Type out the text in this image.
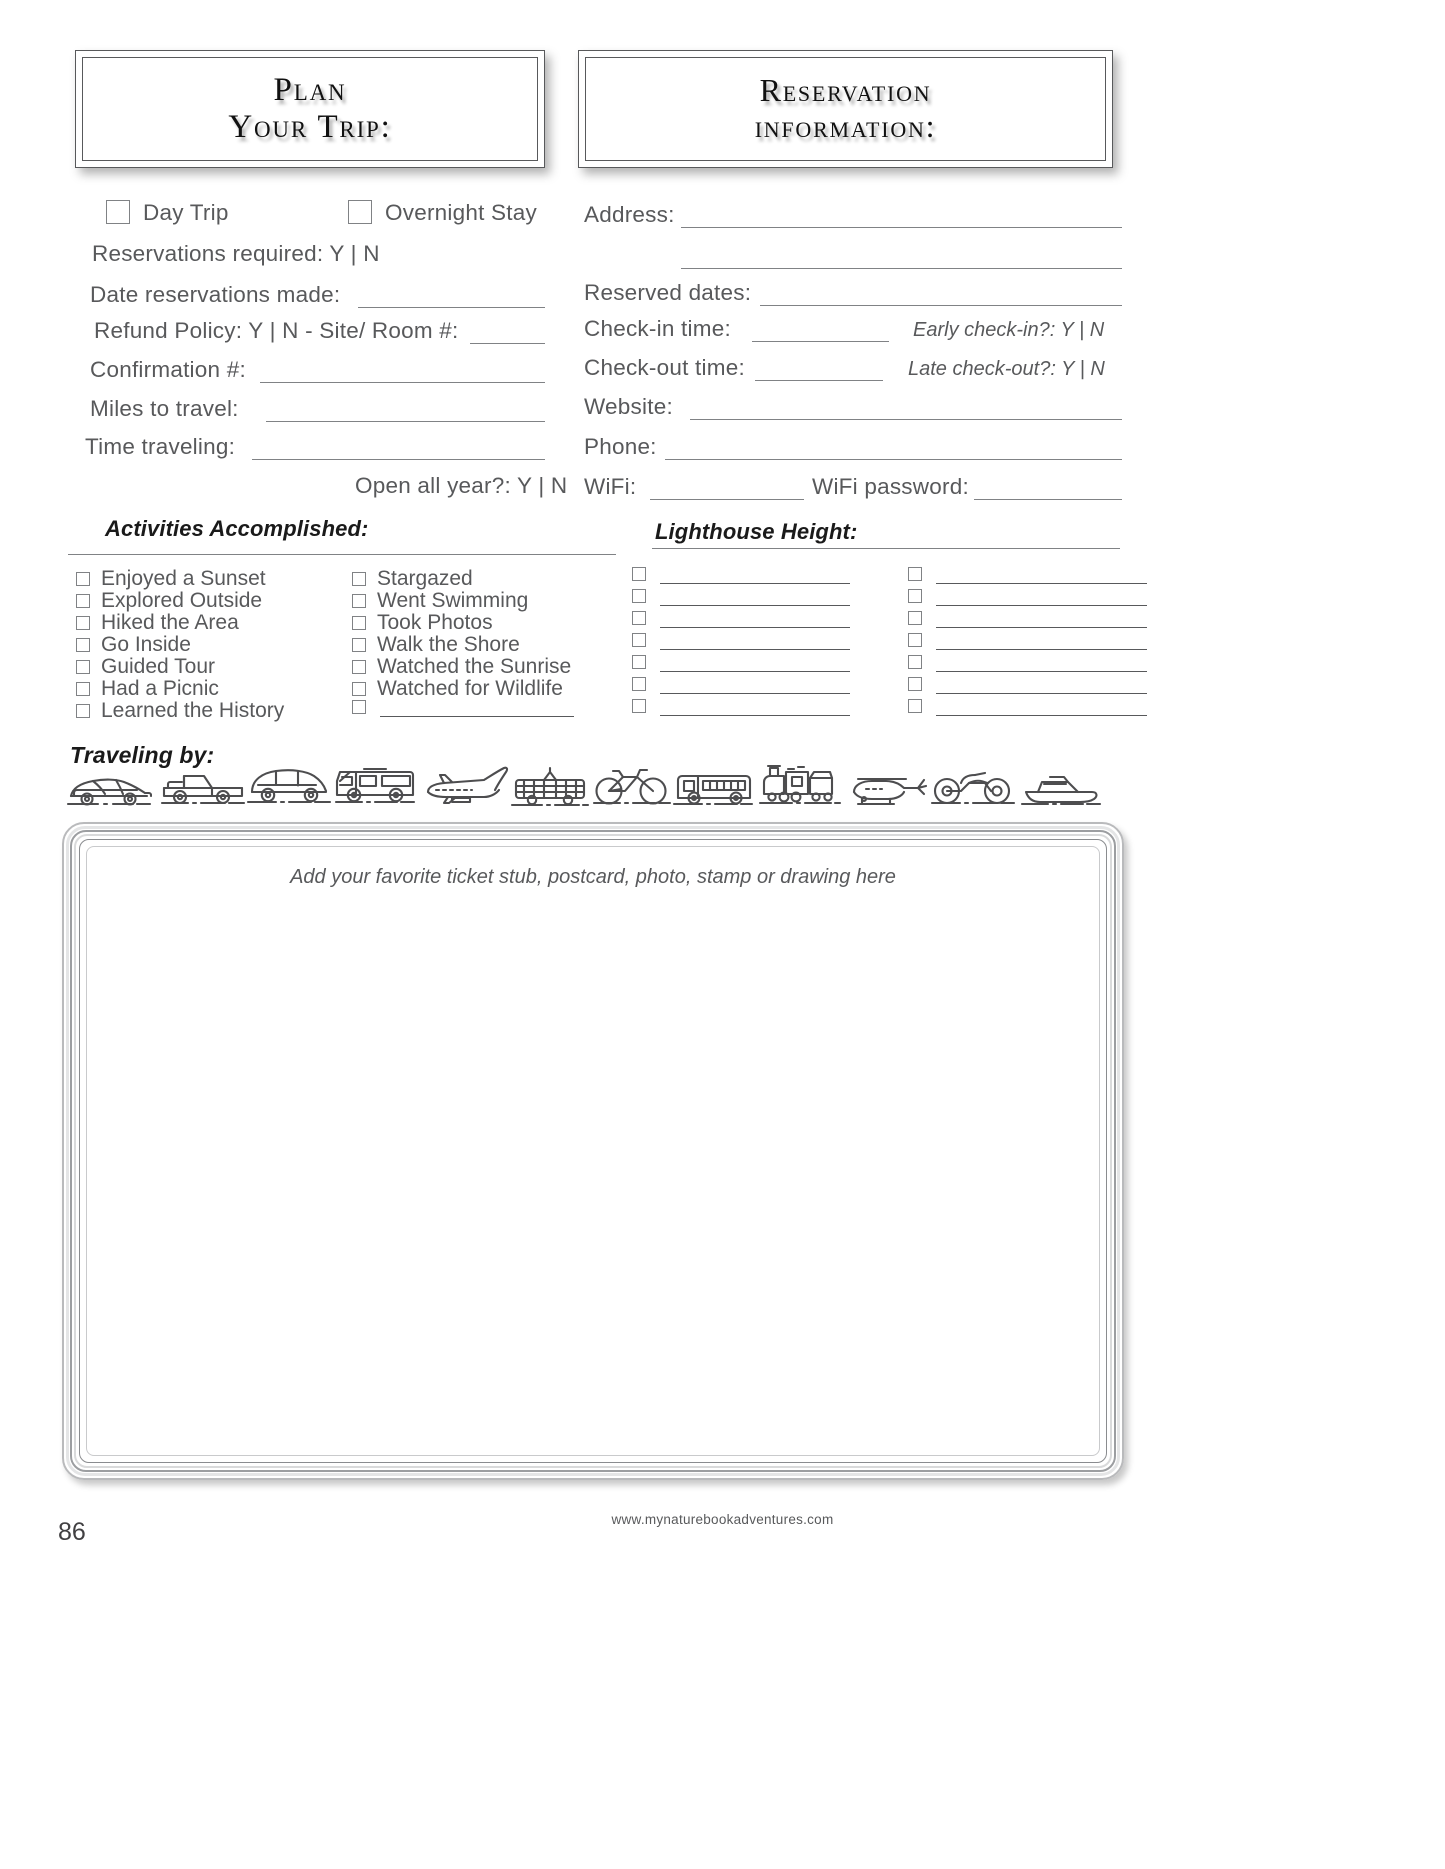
Plan
Your Trip:
Reservation
information:
Day Trip	Overnight Stay
Reservations required: Y | N
Date reservations made:
Refund Policy: Y | N - Site/ Room #:
Confirmation #:
Miles to travel:
Time traveling:
Open all year?: Y | N
Address:
Reserved dates:
Check-in time:	Early check-in?: Y | N
Check-out time:	Late check-out?: Y | N
Website:
Phone:
WiFi:	WiFi password:
Activities Accomplished:
Enjoyed a Sunset
Explored Outside
Hiked the Area
Go Inside
Guided Tour
Had a Picnic
Learned the History
Stargazed
Went Swimming
Took Photos
Walk the Shore
Watched the Sunrise
Watched for Wildlife
Lighthouse Height:
Traveling by:
Add your favorite ticket stub, postcard, photo, stamp or drawing here
www.mynaturebookadventures.com
86
